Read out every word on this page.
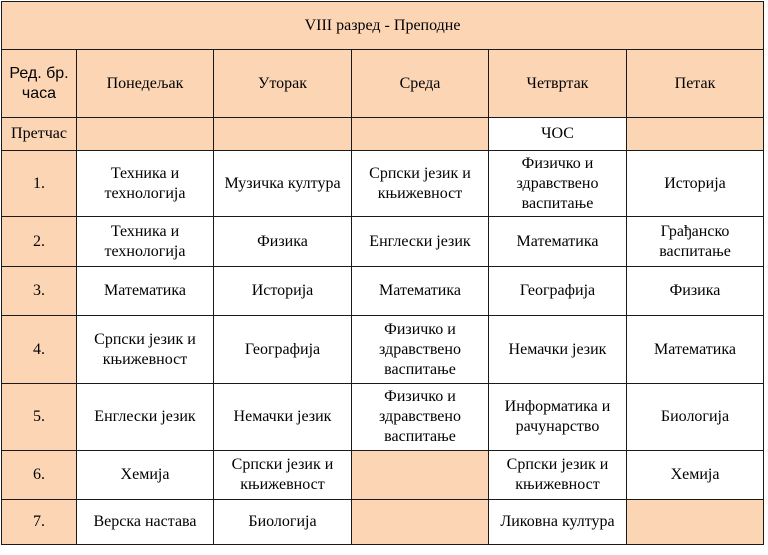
VIII разред - Преподне					
Ред. бр. часа	Понедељак	Уторак	Среда	Четвртак	Петак
Претчас				ЧОС	
1.	Техника и технологија	Музичка култура	Српски језик и књижевност	Физичко и здравствено васпитање	Историја
2.	Техника и технологија	Физика	Енглески језик	Математика	Грађанско васпитање
3.	Математика	Историја	Математика	Географија	Физика
4.	Српски језик и књижевност	Географија	Физичко и здравствено васпитање	Немачки језик	Математика
5.	Енглески језик	Немачки језик	Физичко и здравствено васпитање	Информатика и рачунарство	Биологија
6.	Хемија	Српски језик и књижевност		Српски језик и књижевност	Хемија
7.	Верска настава	Биологија		Ликовна култура	
